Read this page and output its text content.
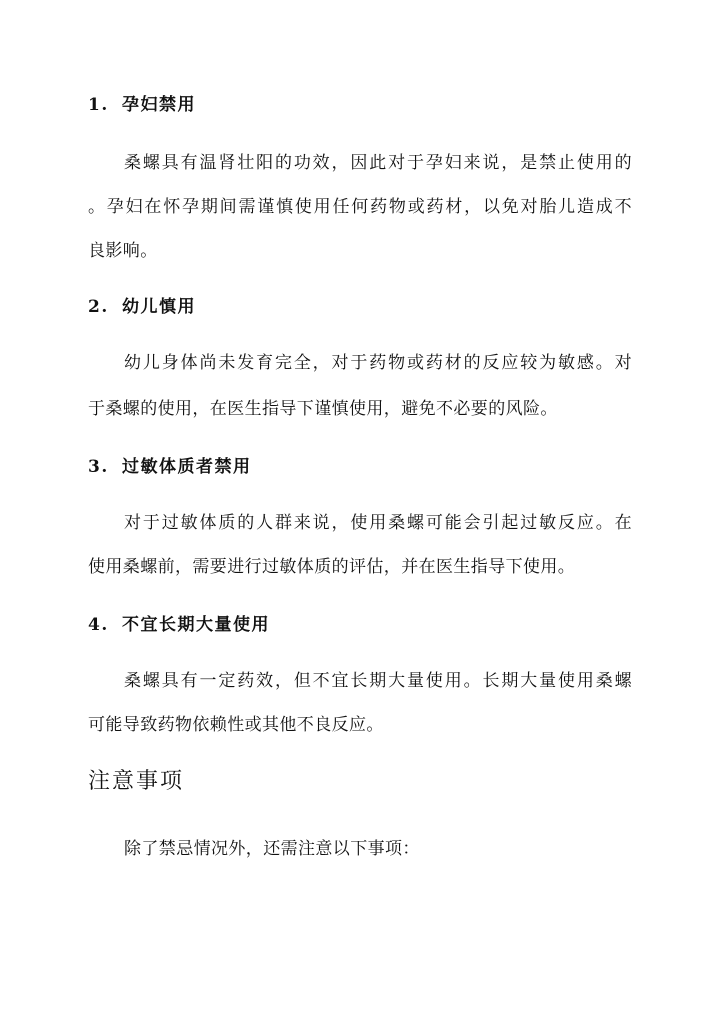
1. 孕妇禁用
桑螺具有温肾壮阳的功效，因此对于孕妇来说，是禁止使用的
。孕妇在怀孕期间需谨慎使用任何药物或药材，以免对胎儿造成不
良影响。
2. 幼儿慎用
幼儿身体尚未发育完全，对于药物或药材的反应较为敏感。对
于桑螺的使用，在医生指导下谨慎使用，避免不必要的风险。
3. 过敏体质者禁用
对于过敏体质的人群来说，使用桑螺可能会引起过敏反应。在
使用桑螺前，需要进行过敏体质的评估，并在医生指导下使用。
4. 不宜长期大量使用
桑螺具有一定药效，但不宜长期大量使用。长期大量使用桑螺
可能导致药物依赖性或其他不良反应。
注意事项
除了禁忌情况外，还需注意以下事项：
